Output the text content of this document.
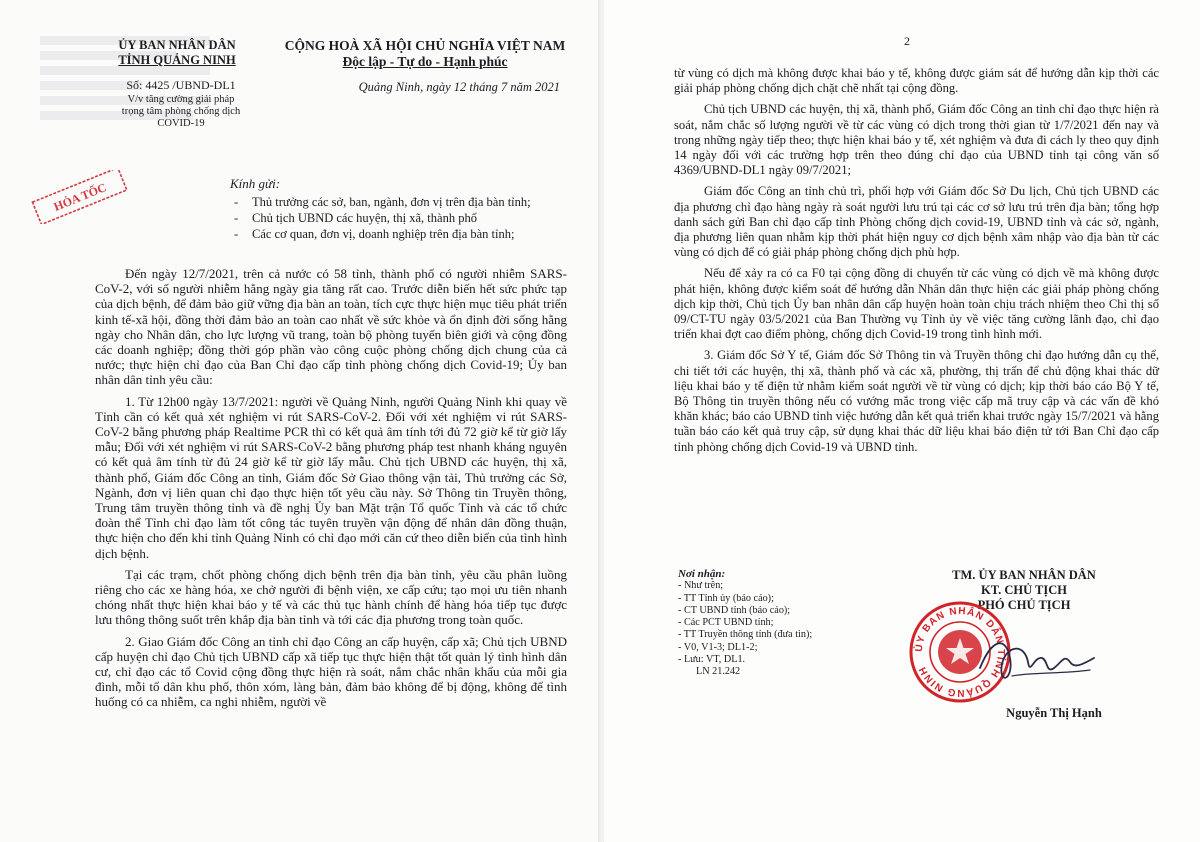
ỦY BAN NHÂN DÂN
TỈNH QUẢNG NINH
CỘNG HOÀ XÃ HỘI CHỦ NGHĨA VIỆT NAM
Độc lập - Tự do - Hạnh phúc
Số: 4425 /UBND-DL1
V/v tăng cường giải pháp
trọng tâm phòng chống dịch
COVID-19
Quảng Ninh, ngày 12 tháng 7 năm 2021
HỎA TỐC	Kính gửi:
- Thủ trưởng các sở, ban, ngành, đơn vị trên địa bàn tỉnh;
- Chủ tịch UBND các huyện, thị xã, thành phố
- Các cơ quan, đơn vị, doanh nghiệp trên địa bàn tỉnh;

Đến ngày 12/7/2021, trên cả nước có 58 tỉnh, thành phố có người nhiễm SARS-CoV-2, với số người nhiễm hằng ngày gia tăng rất cao. Trước diễn biến hết sức phức tạp của dịch bệnh, để đảm bảo giữ vững địa bàn an toàn, tích cực thực hiện mục tiêu phát triển kinh tế-xã hội, đồng thời đảm bảo an toàn cao nhất về sức khỏe và ổn định đời sống hằng ngày cho Nhân dân, cho lực lượng vũ trang, toàn bộ phòng tuyến biên giới và cộng đồng các doanh nghiệp; đồng thời góp phần vào công cuộc phòng chống dịch chung của cả nước; thực hiện chỉ đạo của Ban Chỉ đạo cấp tỉnh phòng chống dịch Covid-19; Ủy ban nhân dân tỉnh yêu cầu:

1. Từ 12h00 ngày 13/7/2021: người về Quảng Ninh, người Quảng Ninh khi quay về Tỉnh cần có kết quả xét nghiệm vi rút SARS-CoV-2. Đối với xét nghiệm vi rút SARS-CoV-2 bằng phương pháp Realtime PCR thì có kết quả âm tính tới đủ 72 giờ kể từ giờ lấy mẫu; Đối với xét nghiệm vi rút SARS-CoV-2 bằng phương pháp test nhanh kháng nguyên có kết quả âm tính từ đủ 24 giờ kể từ giờ lấy mẫu. Chủ tịch UBND các huyện, thị xã, thành phố, Giám đốc Công an tỉnh, Giám đốc Sở Giao thông vận tải, Thủ trưởng các Sở, Ngành, đơn vị liên quan chỉ đạo thực hiện tốt yêu cầu này. Sở Thông tin Truyền thông, Trung tâm truyền thông tỉnh và đề nghị Ủy ban Mặt trận Tổ quốc Tỉnh và các tổ chức đoàn thể Tỉnh chỉ đạo làm tốt công tác tuyên truyền vận động để nhân dân đồng thuận, thực hiện cho đến khi tỉnh Quảng Ninh có chỉ đạo mới căn cứ theo diễn biến của tình hình dịch bệnh.

Tại các trạm, chốt phòng chống dịch bệnh trên địa bàn tỉnh, yêu cầu phân luồng riêng cho các xe hàng hóa, xe chở người đi bệnh viện, xe cấp cứu; tạo mọi ưu tiên nhanh chóng nhất thực hiện khai báo y tế và các thủ tục hành chính để hàng hóa tiếp tục được lưu thông thông suốt trên khắp địa bàn tỉnh và tới các địa phương trong toàn quốc.

2. Giao Giám đốc Công an tỉnh chỉ đạo Công an cấp huyện, cấp xã; Chủ tịch UBND cấp huyện chỉ đạo Chủ tịch UBND cấp xã tiếp tục thực hiện thật tốt quản lý tình hình dân cư, chỉ đạo các tổ Covid cộng đồng thực hiện rà soát, nắm chắc nhân khẩu của mỗi gia đình, mỗi tổ dân khu phố, thôn xóm, làng bản, đảm bảo không để bị động, không để tình huống có ca nhiễm, ca nghi nhiễm, người về

2

từ vùng có dịch mà không được khai báo y tế, không được giám sát để hướng dẫn kịp thời các giải pháp phòng chống dịch chặt chẽ nhất tại cộng đồng.

Chủ tịch UBND các huyện, thị xã, thành phố, Giám đốc Công an tỉnh chỉ đạo thực hiện rà soát, nắm chắc số lượng người về từ các vùng có dịch trong thời gian từ 1/7/2021 đến nay và trong những ngày tiếp theo; thực hiện khai báo y tế, xét nghiệm và đưa đi cách ly theo quy định 14 ngày đối với các trường hợp trên theo đúng chỉ đạo của UBND tỉnh tại công văn số 4369/UBND-DL1 ngày 09/7/2021;

Giám đốc Công an tỉnh chủ trì, phối hợp với Giám đốc Sở Du lịch, Chủ tịch UBND các địa phương chỉ đạo hàng ngày rà soát người lưu trú tại các cơ sở lưu trú trên địa bàn; tổng hợp danh sách gửi Ban chỉ đạo cấp tỉnh Phòng chống dịch covid-19, UBND tỉnh và các sở, ngành, địa phương liên quan nhằm kịp thời phát hiện nguy cơ dịch bệnh xâm nhập vào địa bàn từ các vùng có dịch để có giải pháp phòng chống dịch phù hợp.

Nếu để xảy ra có ca F0 tại cộng đồng di chuyển từ các vùng có dịch về mà không được phát hiện, không được kiểm soát để hướng dẫn Nhân dân thực hiện các giải pháp phòng chống dịch kịp thời, Chủ tịch Ủy ban nhân dân cấp huyện hoàn toàn chịu trách nhiệm theo Chỉ thị số 09/CT-TU ngày 03/5/2021 của Ban Thường vụ Tỉnh ủy về việc tăng cường lãnh đạo, chỉ đạo triển khai đợt cao điểm phòng, chống dịch Covid-19 trong tình hình mới.

3. Giám đốc Sở Y tế, Giám đốc Sở Thông tin và Truyền thông chỉ đạo hướng dẫn cụ thể, chi tiết tới các huyện, thị xã, thành phố và các xã, phường, thị trấn để chủ động khai thác dữ liệu khai báo y tế điện tử nhằm kiểm soát người về từ vùng có dịch; kịp thời báo cáo Bộ Y tế, Bộ Thông tin truyền thông nếu có vướng mắc trong việc cấp mã truy cập và các vấn đề khó khăn khác; báo cáo UBND tỉnh việc hướng dẫn kết quả triển khai trước ngày 15/7/2021 và hằng tuần báo cáo kết quả truy cập, sử dụng khai thác dữ liệu khai báo điện tử tới Ban Chỉ đạo cấp tỉnh phòng chống dịch Covid-19 và UBND tỉnh.

Nơi nhận:
- Như trên;
- TT Tỉnh ủy (báo cáo);
- CT UBND tỉnh (báo cáo);
- Các PCT UBND tỉnh;
- TT Truyền thông tỉnh (đưa tin);
- V0, V1-3; DL1-2;
- Lưu: VT, DL1.
LN 21.242
TM. ỦY BAN NHÂN DÂN
KT. CHỦ TỊCH
PHÓ CHỦ TỊCH
ỦY BAN NHÂN DÂN TỈNH QUẢNG NINH
Nguyễn Thị Hạnh
